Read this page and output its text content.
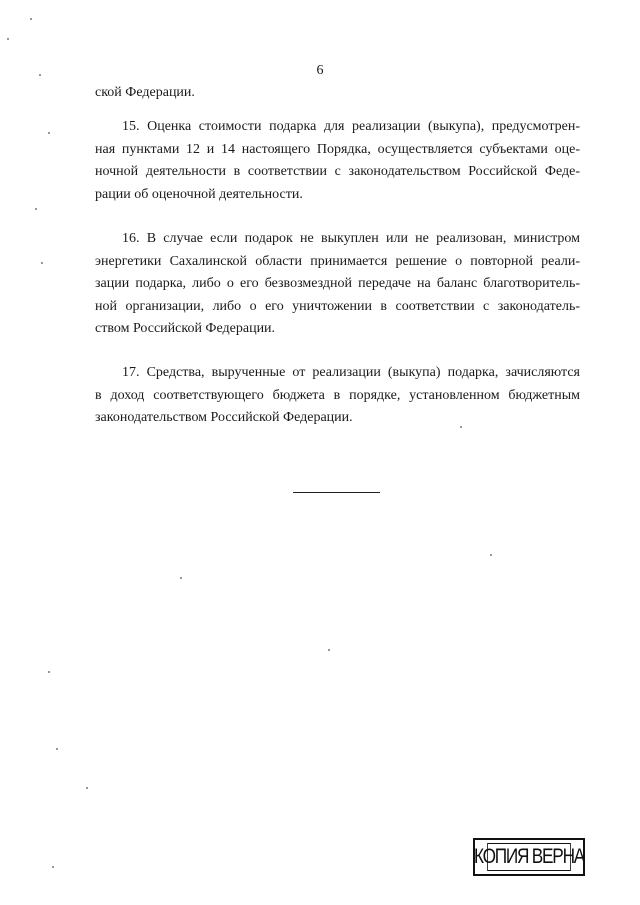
6

ской Федерации.

15. Оценка стоимости подарка для реализации (выкупа), предусмотрен-
ная пунктами 12 и 14 настоящего Порядка, осуществляется субъектами оце-
ночной деятельности в соответствии с законодательством Российской Феде-
рации об оценочной деятельности.

16. В случае если подарок не выкуплен или не реализован, министром
энергетики Сахалинской области принимается решение о повторной реали-
зации подарка, либо о его безвозмездной передаче на баланс благотворитель-
ной организации, либо о его уничтожении в соответствии с законодатель-
ством Российской Федерации.

17. Средства, вырученные от реализации (выкупа) подарка, зачисляются
в доход соответствующего бюджета в порядке, установленном бюджетным
законодательством Российской Федерации.

КОПИЯ ВЕРНА
